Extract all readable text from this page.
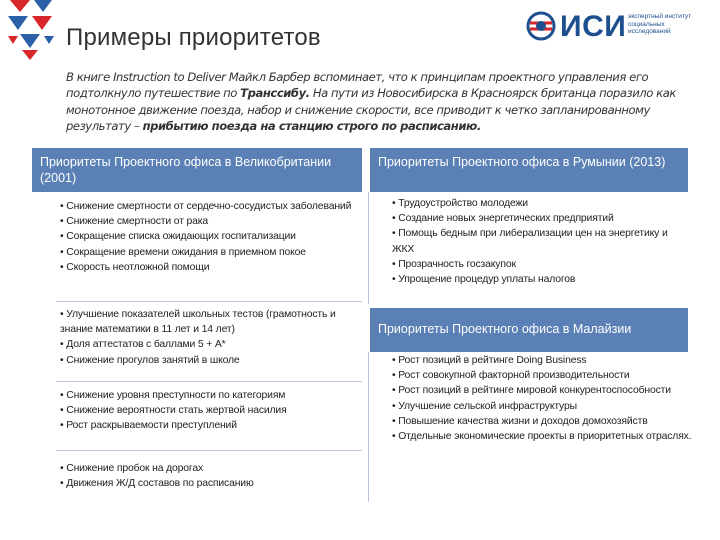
Примеры приоритетов	ИСИ экспертный институт социальных исследований
В книге Instruction to Deliver Майкл Барбер вспоминает, что к принципам проектного управления его подтолкнуло путешествие по Транссибу. На пути из Новосибирска в Красноярск британца поразило как монотонное движение поезда, набор и снижение скорости, все приводит к четко запланированному результату – прибытию поезда на станцию строго по расписанию.
Приоритеты Проектного офиса в Великобритании (2001)
• Снижение смертности от сердечно-сосудистых заболеваний
• Снижение смертности от рака
• Сокращение списка ожидающих госпитализации
• Сокращение времени ожидания в приемном покое
• Скорость неотложной помощи
• Улучшение показателей школьных тестов (грамотность и знание математики в 11 лет и 14 лет)
• Доля аттестатов с баллами 5 + А*
• Снижение прогулов занятий в школе
• Снижение уровня преступности по категориям
• Снижение вероятности стать жертвой насилия
• Рост раскрываемости преступлений
• Снижение пробок на дорогах
• Движения Ж/Д составов по расписанию
Приоритеты Проектного офиса в Румынии (2013)
• Трудоустройство молодежи
• Создание новых энергетических предприятий
• Помощь бедным при либерализации цен на энергетику и ЖКХ
• Прозрачность госзакупок
• Упрощение процедур уплаты налогов
Приоритеты Проектного офиса в Малайзии
• Рост позиций в рейтинге Doing Business
• Рост совокупной факторной производительности
• Рост позиций в рейтинге мировой конкурентоспособности
• Улучшение сельской инфраструктуры
• Повышение качества жизни и доходов домохозяйств
• Отдельные экономические проекты в приоритетных отраслях.
